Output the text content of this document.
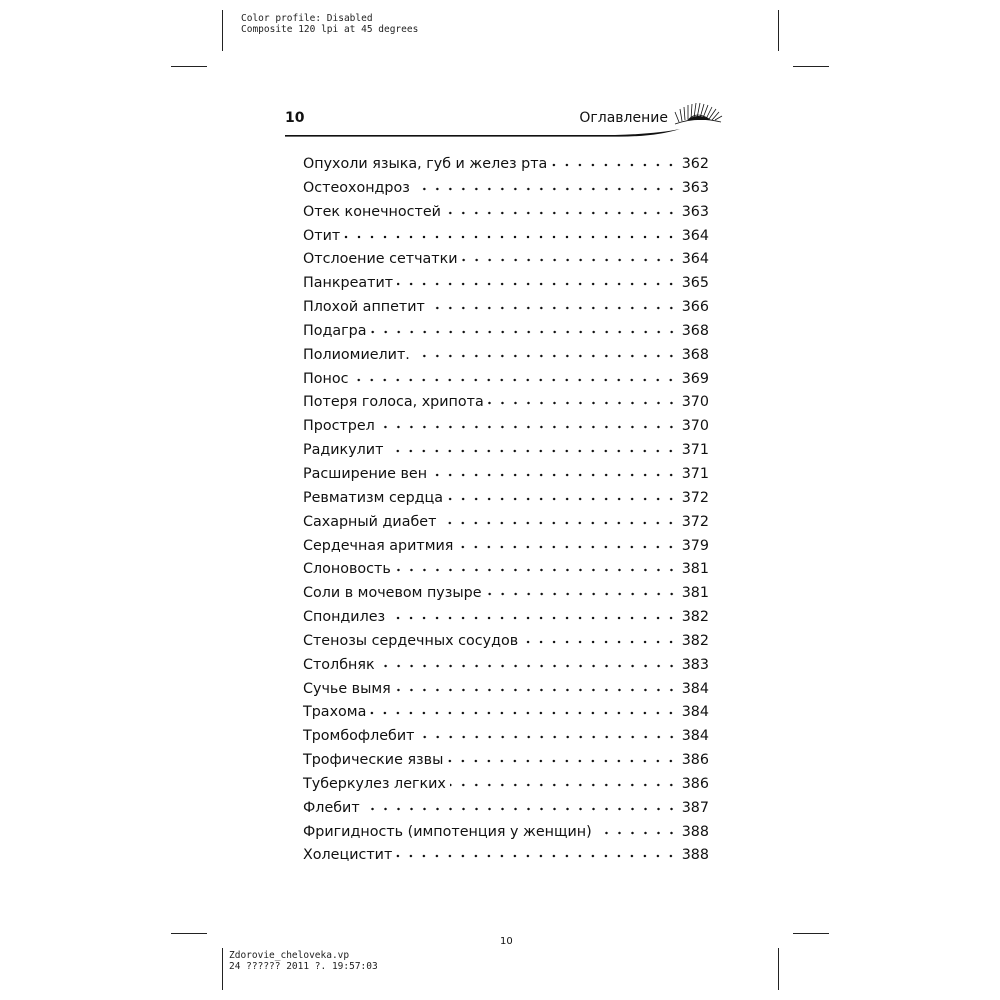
Color profile: Disabled
Composite 120 lpi at 45 degrees
10	Оглавление
Опухоли языка, губ и желез рта	362
Остеохондроз	363
Отек конечностей	363
Отит	364
Отслоение сетчатки	364
Панкреатит	365
Плохой аппетит	366
Подагра	368
Полиомиелит.	368
Понос	369
Потеря голоса, хрипота	370
Прострел	370
Радикулит	371
Расширение вен	371
Ревматизм сердца	372
Сахарный диабет	372
Сердечная аритмия	379
Слоновость	381
Соли в мочевом пузыре	381
Спондилез	382
Стенозы сердечных сосудов	382
Столбняк	383
Сучье вымя	384
Трахома	384
Тромбофлебит	384
Трофические язвы	386
Туберкулез легких	386
Флебит	387
Фригидность (импотенция у женщин)	388
Холецистит	388
10
Zdorovie_cheloveka.vp
24 ?????? 2011 ?. 19:57:03
